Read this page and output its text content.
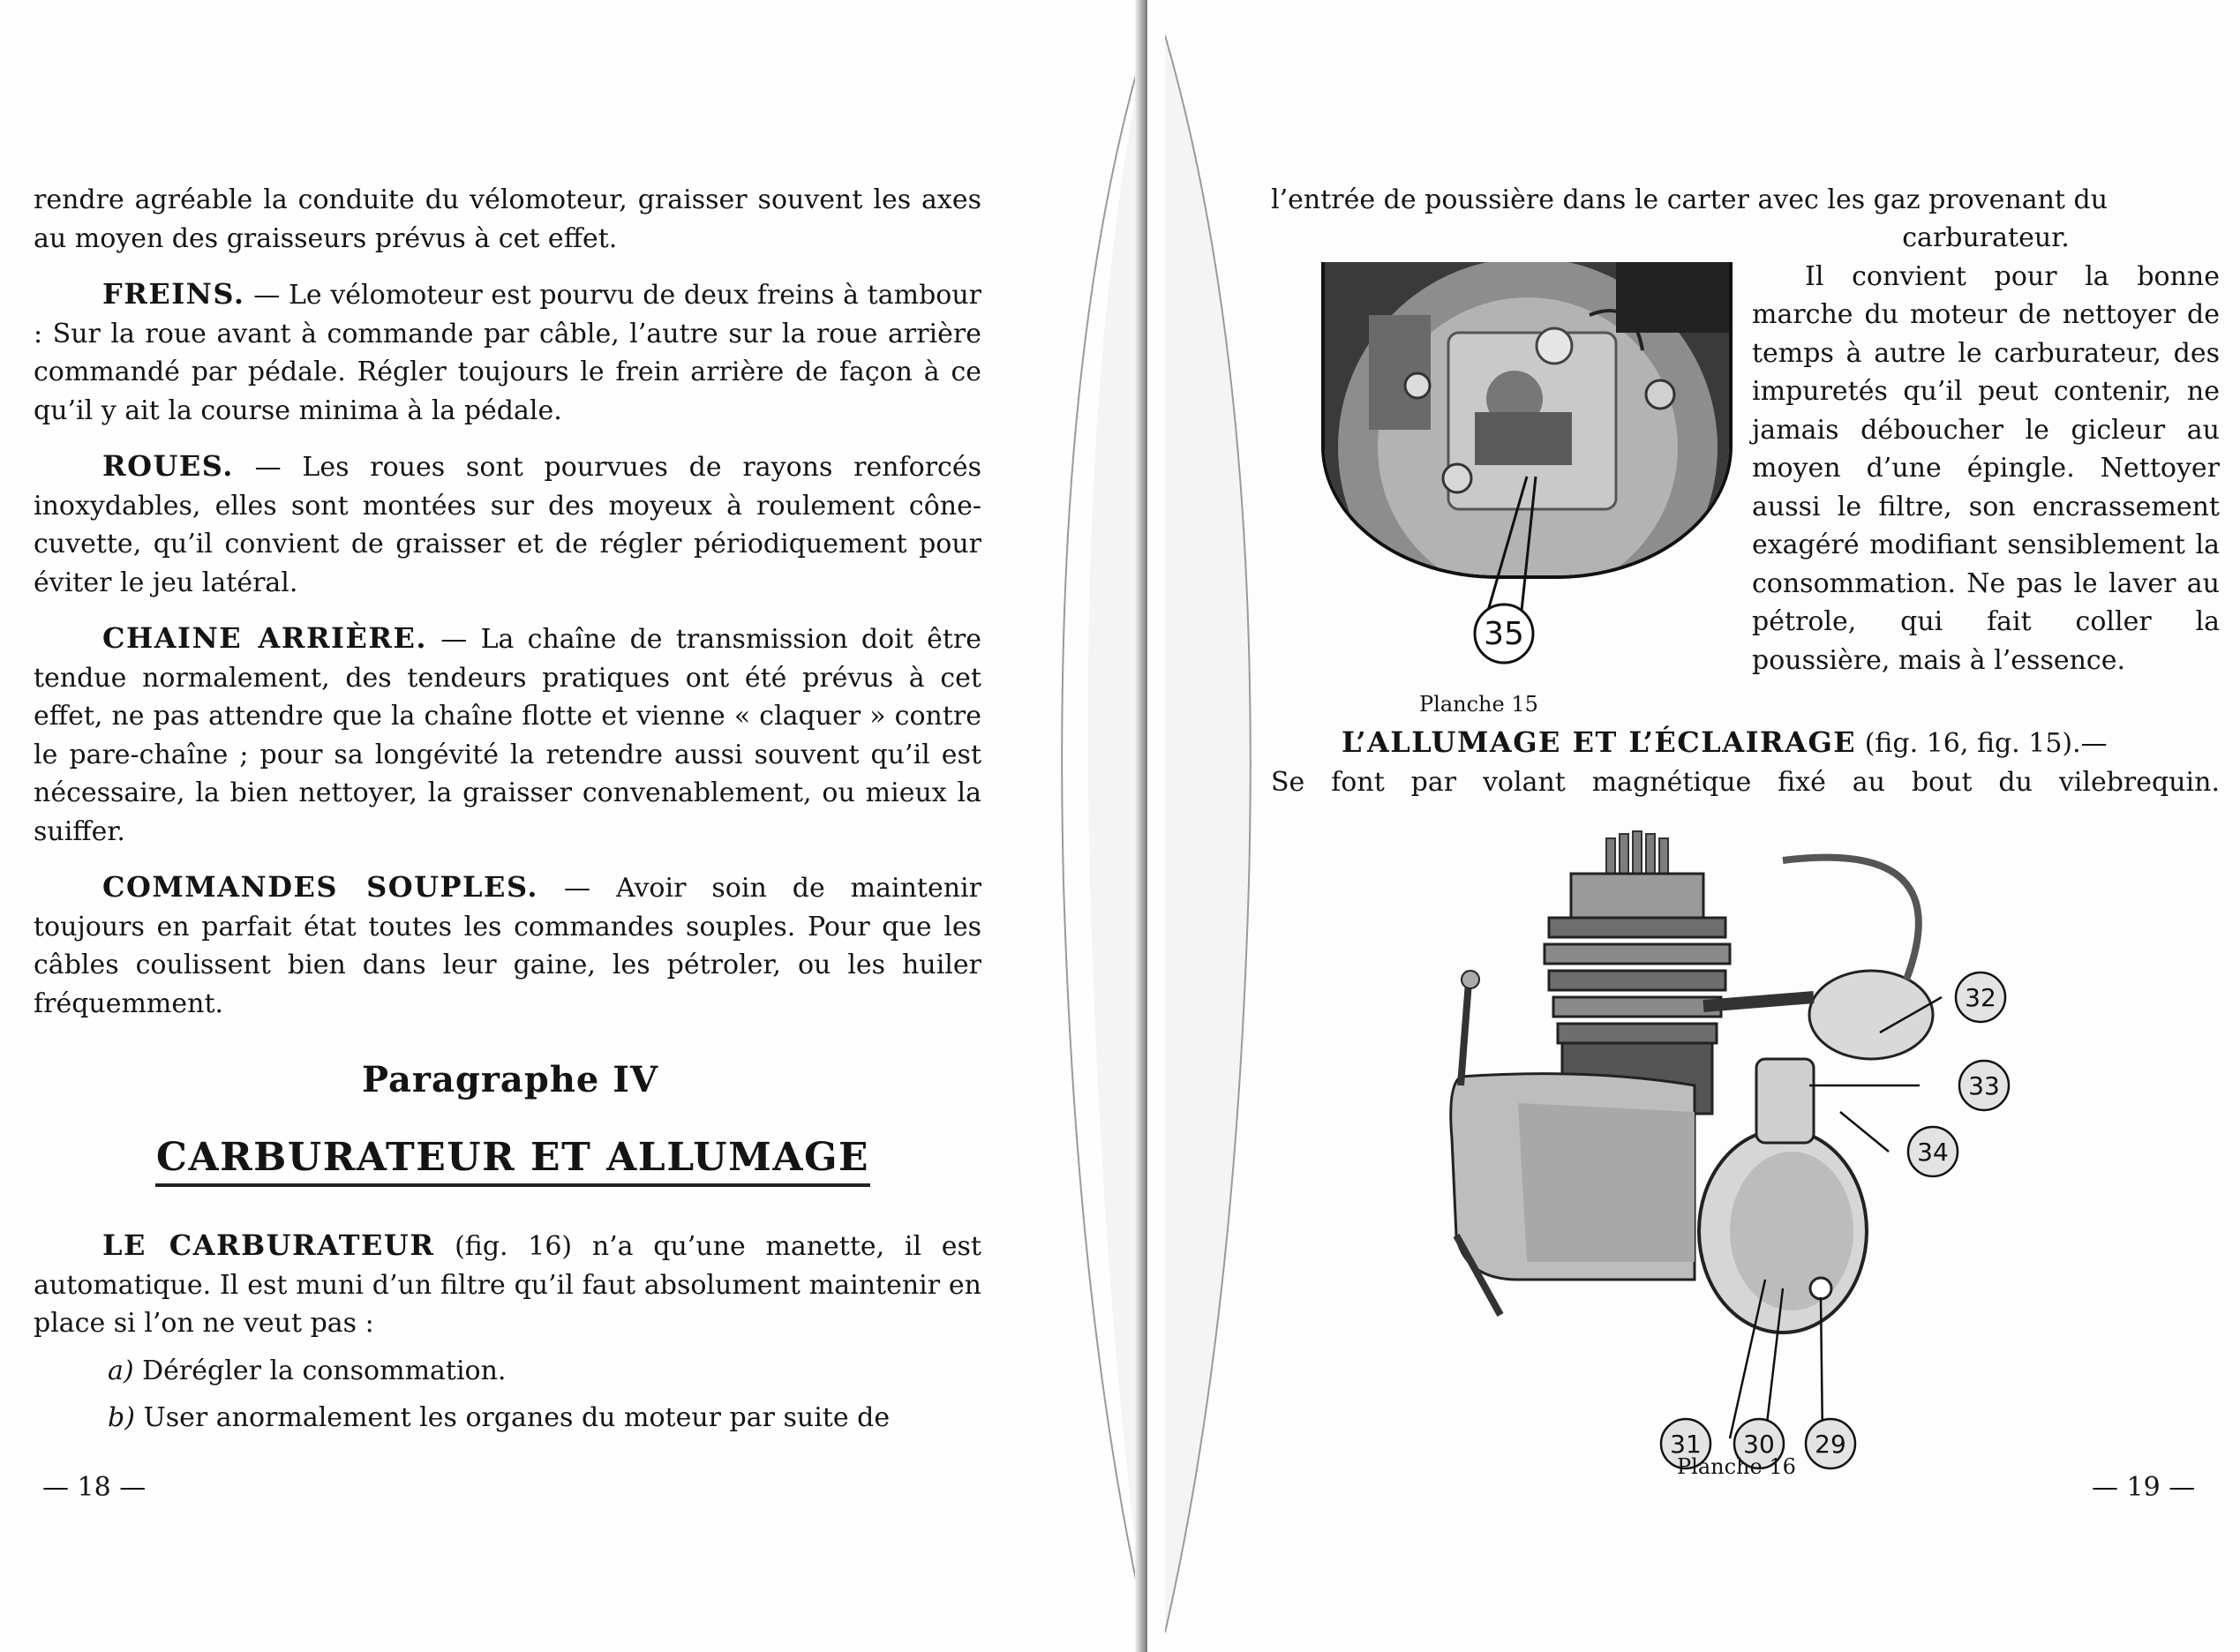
rendre agréable la conduite du vélomoteur, graisser souvent les axes au moyen des graisseurs prévus à cet effet.

FREINS. — Le vélomoteur est pourvu de deux freins à tambour : Sur la roue avant à commande par câble, l’autre sur la roue arrière commandé par pédale. Régler toujours le frein arrière de façon à ce qu’il y ait la course minima à la pédale.

ROUES. — Les roues sont pourvues de rayons renforcés inoxydables, elles sont montées sur des moyeux à roulement cône-cuvette, qu’il convient de graisser et de régler périodiquement pour éviter le jeu latéral.

CHAINE ARRIÈRE. — La chaîne de transmission doit être tendue normalement, des tendeurs pratiques ont été prévus à cet effet, ne pas attendre que la chaîne flotte et vienne « claquer » contre le pare-chaîne ; pour sa longévité la retendre aussi souvent qu’il est nécessaire, la bien nettoyer, la graisser convenablement, ou mieux la suiffer.

COMMANDES SOUPLES. — Avoir soin de maintenir toujours en parfait état toutes les commandes souples. Pour que les câbles coulissent bien dans leur gaine, les pétroler, ou les huiler fréquemment.

Paragraphe IV
CARBURATEUR ET ALLUMAGE

LE CARBURATEUR (fig. 16) n’a qu’une manette, il est automatique. Il est muni d’un filtre qu’il faut absolument maintenir en place si l’on ne veut pas :

a) Dérégler la consommation.

b) User anormalement les organes du moteur par suite de

— 18 —

l’entrée de poussière dans le carter avec les gaz provenant du

carburateur.

Il convient pour la bonne marche du moteur de nettoyer de temps à autre le carburateur, des impuretés qu’il peut contenir, ne jamais déboucher le gicleur au moyen d’une épingle. Nettoyer aussi le filtre, son encrassement exagéré modifiant sensiblement la consommation. Ne pas le laver au pétrole, qui fait coller la poussière, mais à l’essence.

35
Planche 15

L’ALLUMAGE ET L’ÉCLAIRAGE (fig. 16, fig. 15).—

Se font par volant magnétique fixé au bout du vilebrequin.

32
33
34
31 30 29
Planche 16
— 19 —
